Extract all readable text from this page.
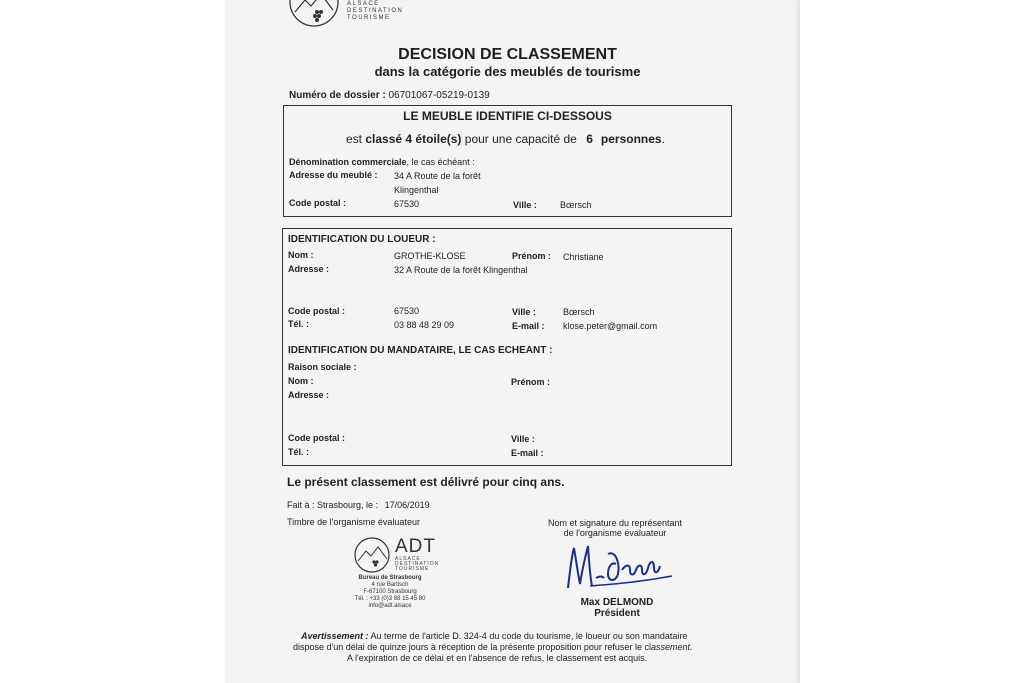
ALSACE
DESTINATION
TOURISME
DECISION DE CLASSEMENT
dans la catégorie des meublés de tourisme
Numéro de dossier : 06701067-05219-0139
LE MEUBLE IDENTIFIE CI-DESSOUS
est classé 4 étoile(s) pour une capacité de 6 personnes.
Dénomination commerciale, le cas échéant :
Adresse du meublé : 34 A Route de la forêt
Klingenthal
Code postal :	67530	Ville :	Bœrsch
IDENTIFICATION DU LOUEUR :
Nom :	GROTHE-KLOSE	Prénom : Christiane
Adresse :	32 A Route de la forêt Klingenthal
Code postal :	67530	Ville :	Bœrsch
Tél. :	03 88 48 29 09	E-mail : klose.peter@gmail.com
IDENTIFICATION DU MANDATAIRE, LE CAS ECHEANT :
Raison sociale :
Nom :	Prénom :
Adresse :
Code postal :	Ville :
Tél. :	E-mail :
Le présent classement est délivré pour cinq ans.
Fait à : Strasbourg, le : 17/06/2019
Timbre de l'organisme évaluateur	Nom et signature du représentant
de l'organisme évaluateur
ADT
ALSACE
DESTINATION
TOURISME
Bureau de Strasbourg
4 rue Bartisch
F-67100 Strasbourg
Tél. : +33 (0)3 88 15 45 80
info@adt.alsace	Max DELMOND
Président
Avertissement : Au terme de l'article D. 324-4 du code du tourisme, le loueur ou son mandataire
dispose d'un délai de quinze jours à réception de la présente proposition pour refuser le classement.
A l'expiration de ce délai et en l'absence de refus, le classement est acquis.
